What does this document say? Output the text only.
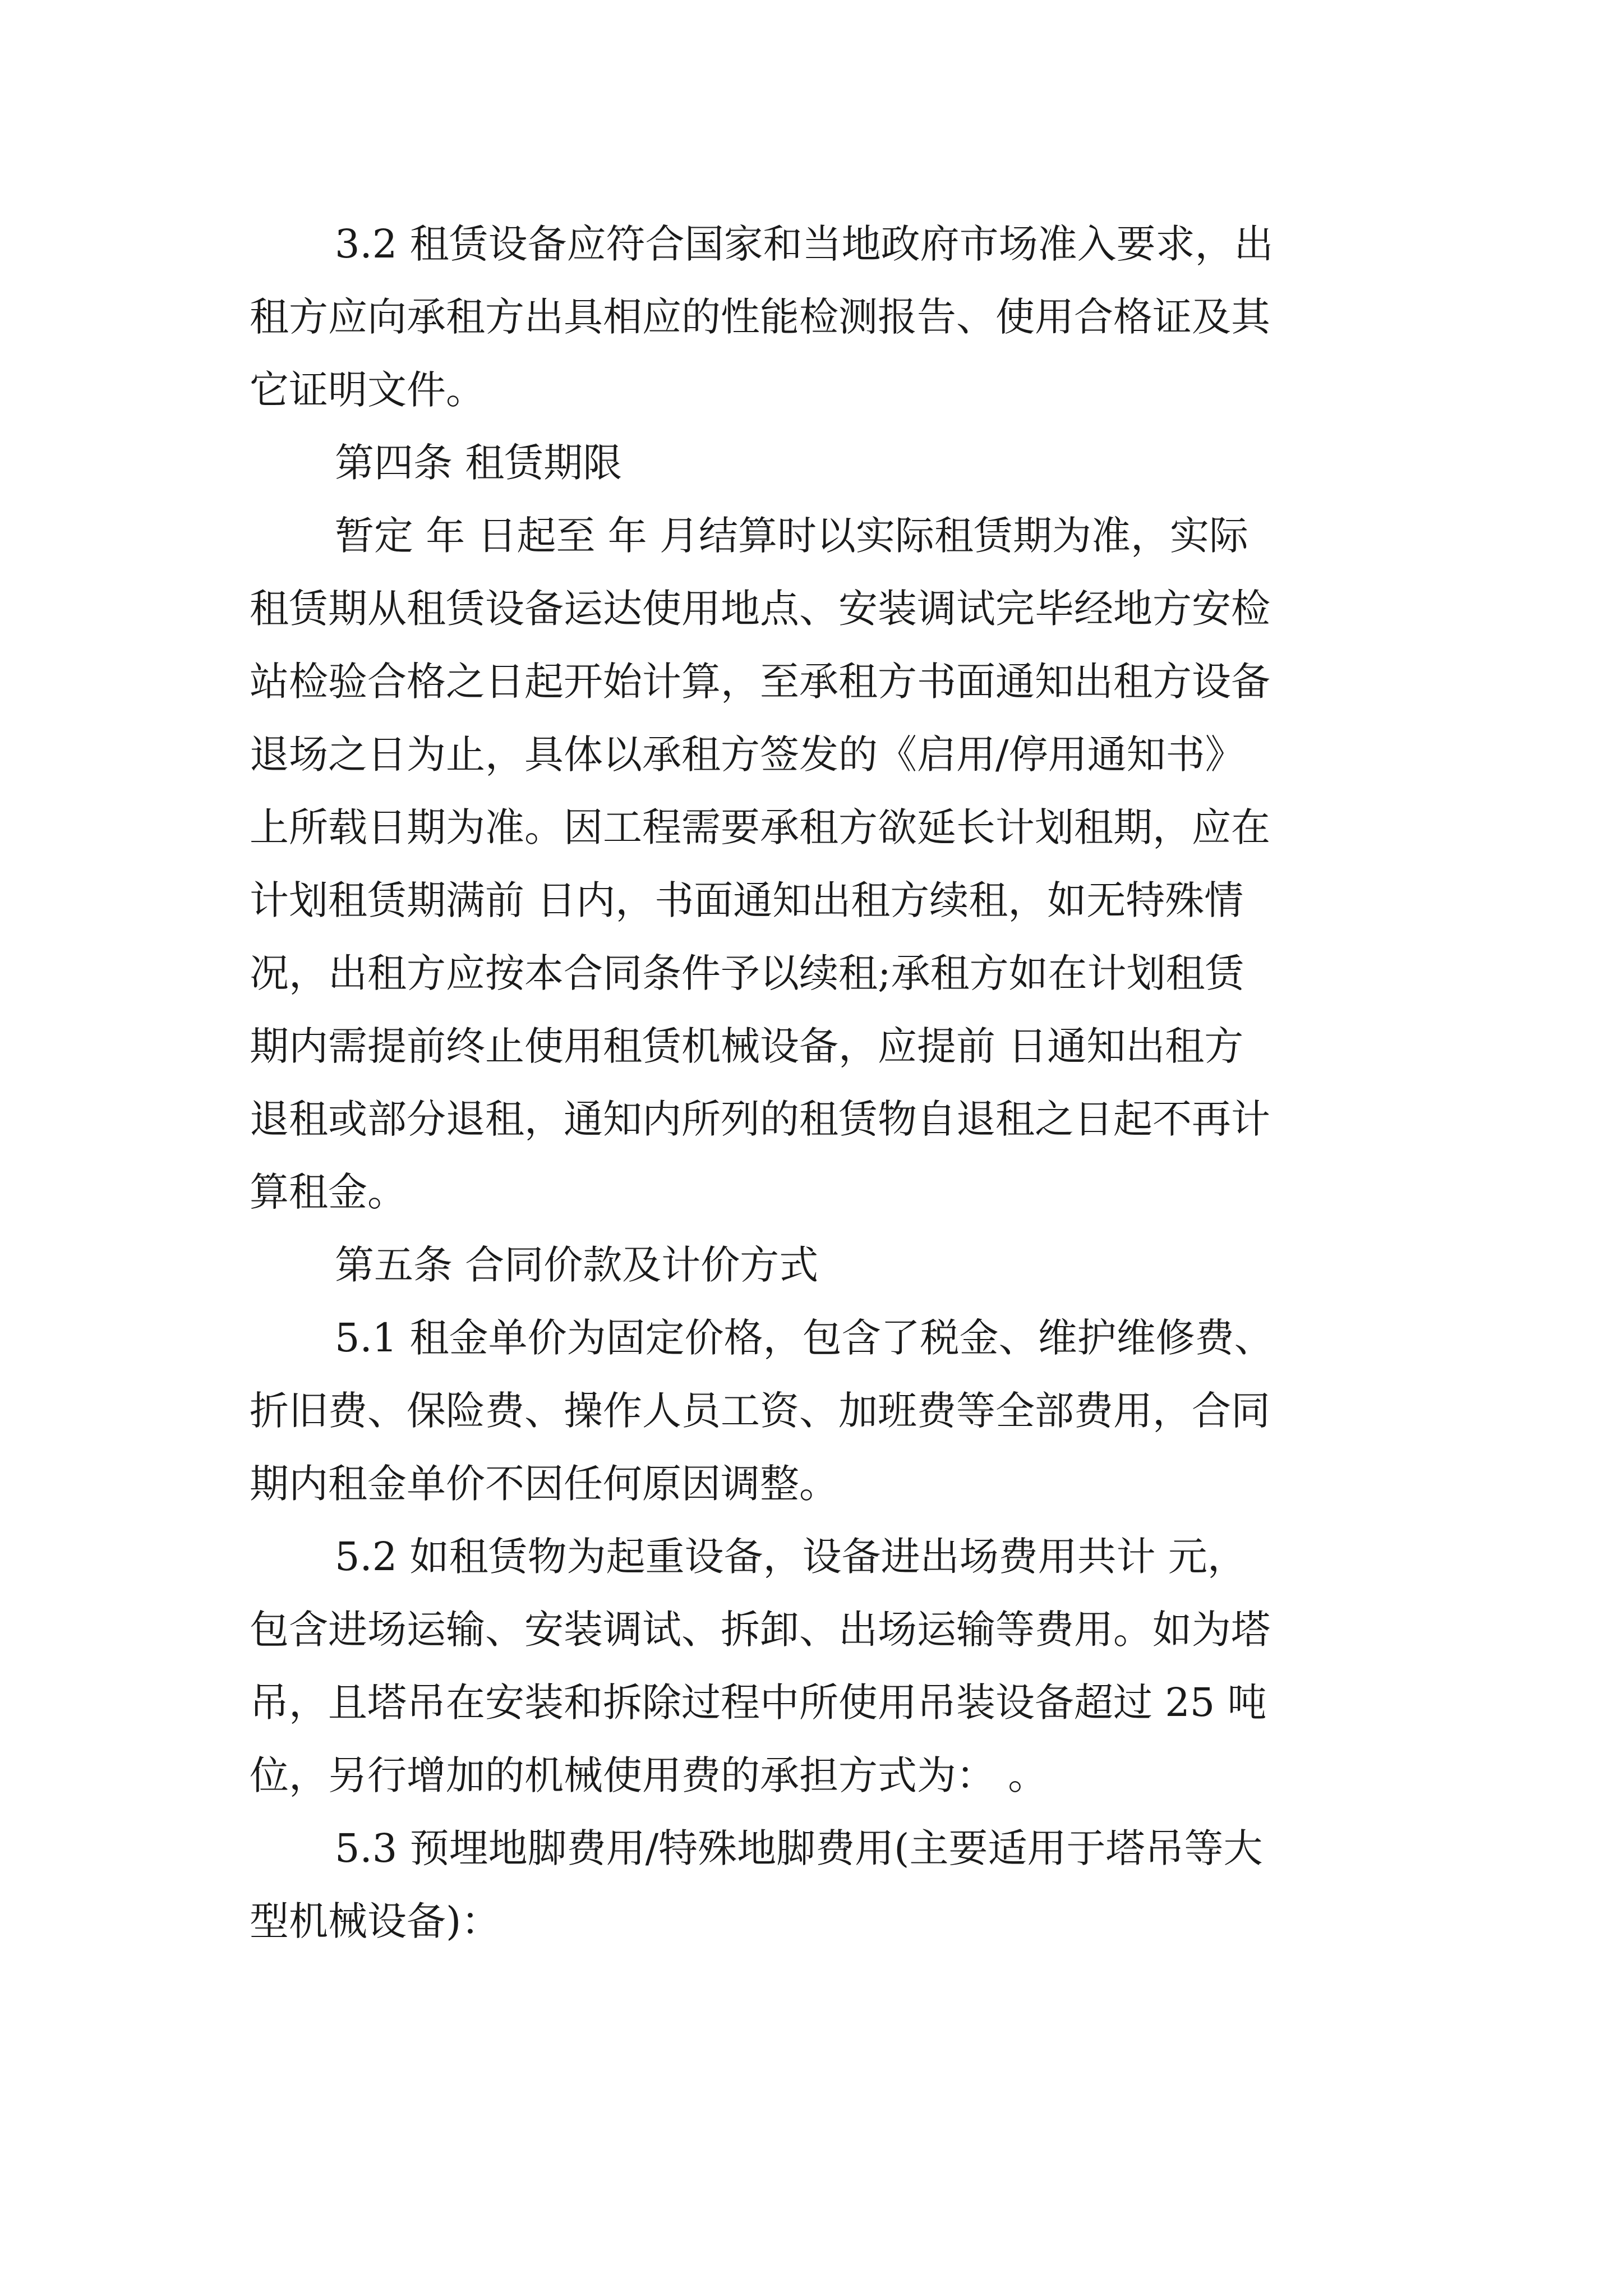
3.2 租赁设备应符合国家和当地政府市场准入要求，出

租方应向承租方出具相应的性能检测报告、使用合格证及其

它证明文件。

第四条 租赁期限

暂定 年 日起至 年 月结算时以实际租赁期为准，实际

租赁期从租赁设备运达使用地点、安装调试完毕经地方安检

站检验合格之日起开始计算，至承租方书面通知出租方设备

退场之日为止，具体以承租方签发的《启用/停用通知书》

上所载日期为准。因工程需要承租方欲延长计划租期，应在

计划租赁期满前 日内，书面通知出租方续租，如无特殊情

况，出租方应按本合同条件予以续租;承租方如在计划租赁

期内需提前终止使用租赁机械设备，应提前 日通知出租方

退租或部分退租，通知内所列的租赁物自退租之日起不再计

算租金。

第五条 合同价款及计价方式

5.1 租金单价为固定价格，包含了税金、维护维修费、

折旧费、保险费、操作人员工资、加班费等全部费用，合同

期内租金单价不因任何原因调整。

5.2 如租赁物为起重设备，设备进出场费用共计 元，

包含进场运输、安装调试、拆卸、出场运输等费用。如为塔

吊，且塔吊在安装和拆除过程中所使用吊装设备超过 25 吨

位，另行增加的机械使用费的承担方式为： 。

5.3 预埋地脚费用/特殊地脚费用(主要适用于塔吊等大

型机械设备)：
